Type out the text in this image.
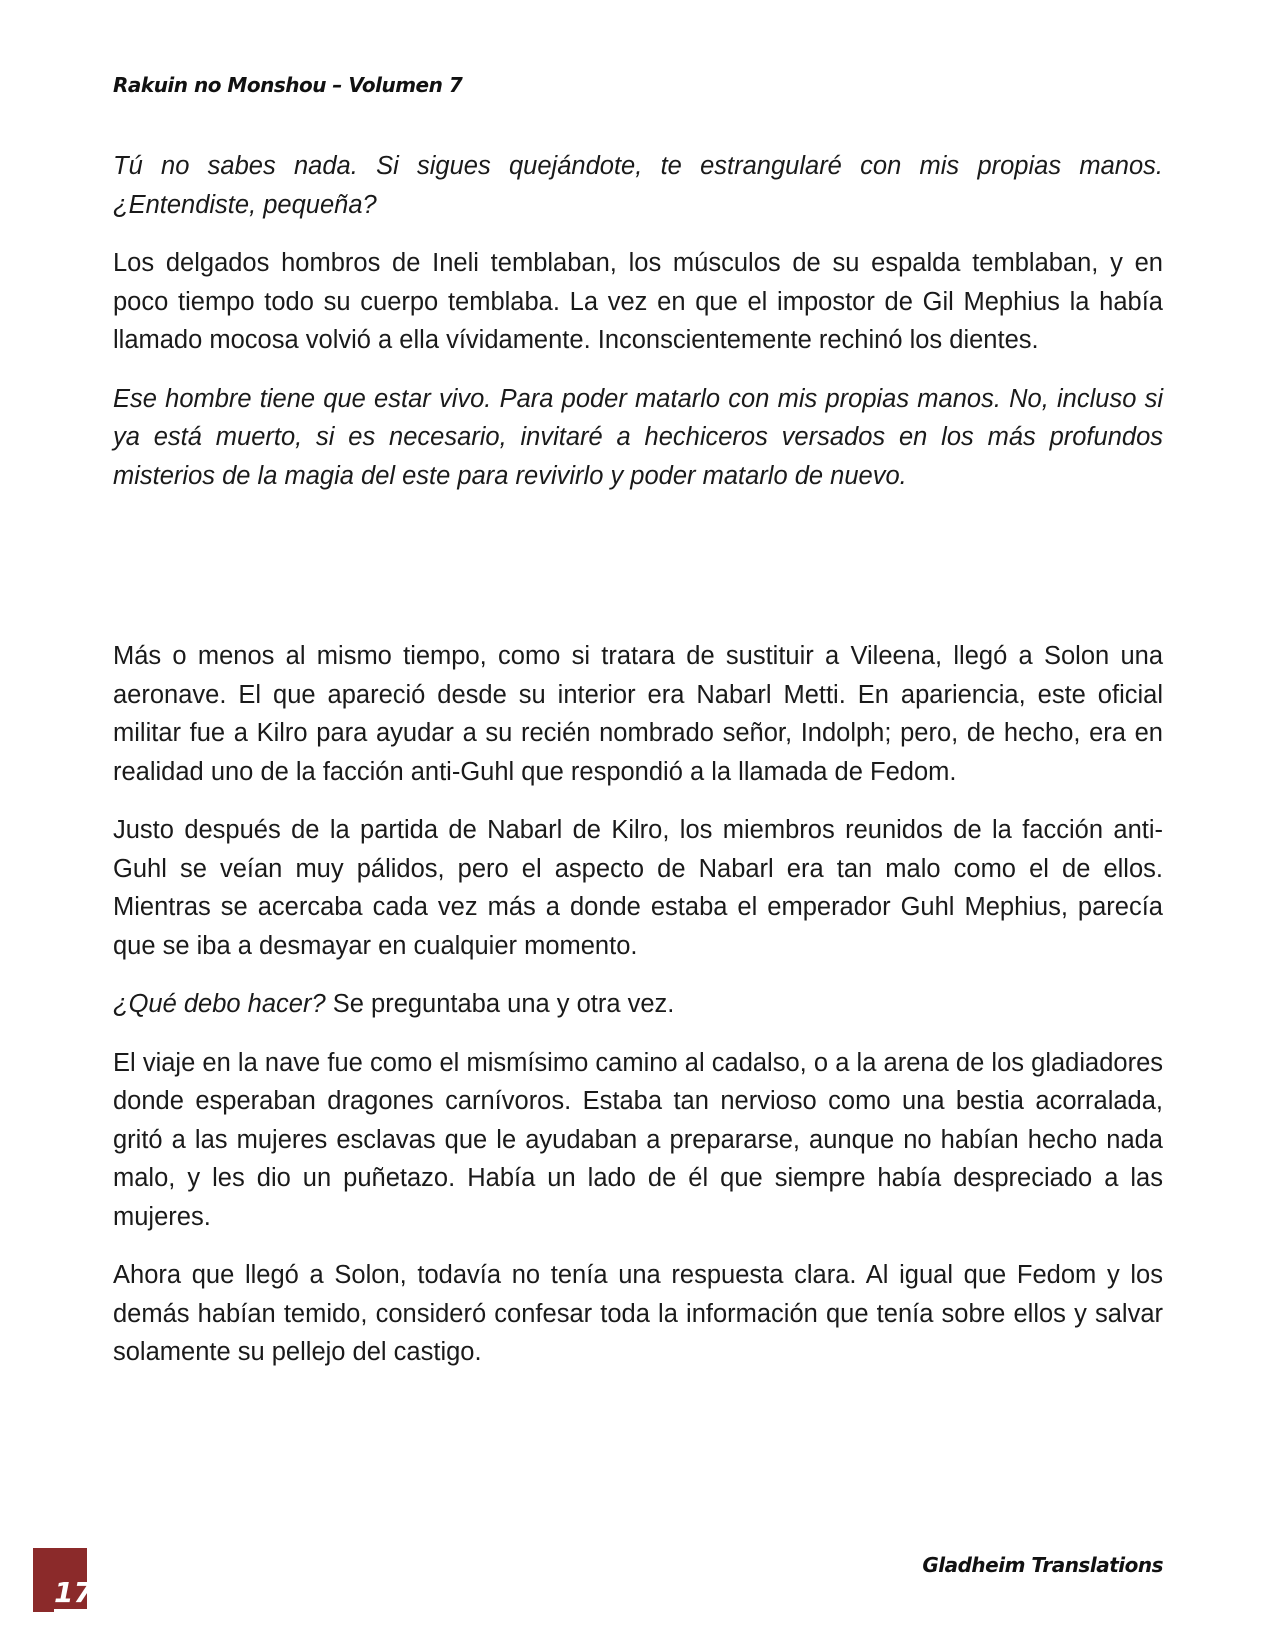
Rakuin no Monshou – Volumen 7

Tú no sabes nada. Si sigues quejándote, te estrangularé con mis propias manos. ¿Entendiste, pequeña?

Los delgados hombros de Ineli temblaban, los músculos de su espalda temblaban, y en poco tiempo todo su cuerpo temblaba. La vez en que el impostor de Gil Mephius la había llamado mocosa volvió a ella vívidamente. Inconscientemente rechinó los dientes.

Ese hombre tiene que estar vivo. Para poder matarlo con mis propias manos. No, incluso si ya está muerto, si es necesario, invitaré a hechiceros versados en los más profundos misterios de la magia del este para revivirlo y poder matarlo de nuevo.

Más o menos al mismo tiempo, como si tratara de sustituir a Vileena, llegó a Solon una aeronave. El que apareció desde su interior era Nabarl Metti. En apariencia, este oficial militar fue a Kilro para ayudar a su recién nombrado señor, Indolph; pero, de hecho, era en realidad uno de la facción anti-Guhl que respondió a la llamada de Fedom.

Justo después de la partida de Nabarl de Kilro, los miembros reunidos de la facción anti-Guhl se veían muy pálidos, pero el aspecto de Nabarl era tan malo como el de ellos. Mientras se acercaba cada vez más a donde estaba el emperador Guhl Mephius, parecía que se iba a desmayar en cualquier momento.

¿Qué debo hacer? Se preguntaba una y otra vez.

El viaje en la nave fue como el mismísimo camino al cadalso, o a la arena de los gladiadores donde esperaban dragones carnívoros. Estaba tan nervioso como una bestia acorralada, gritó a las mujeres esclavas que le ayudaban a prepararse, aunque no habían hecho nada malo, y les dio un puñetazo. Había un lado de él que siempre había despreciado a las mujeres.

Ahora que llegó a Solon, todavía no tenía una respuesta clara. Al igual que Fedom y los demás habían temido, consideró confesar toda la información que tenía sobre ellos y salvar solamente su pellejo del castigo.

17
Gladheim Translations
